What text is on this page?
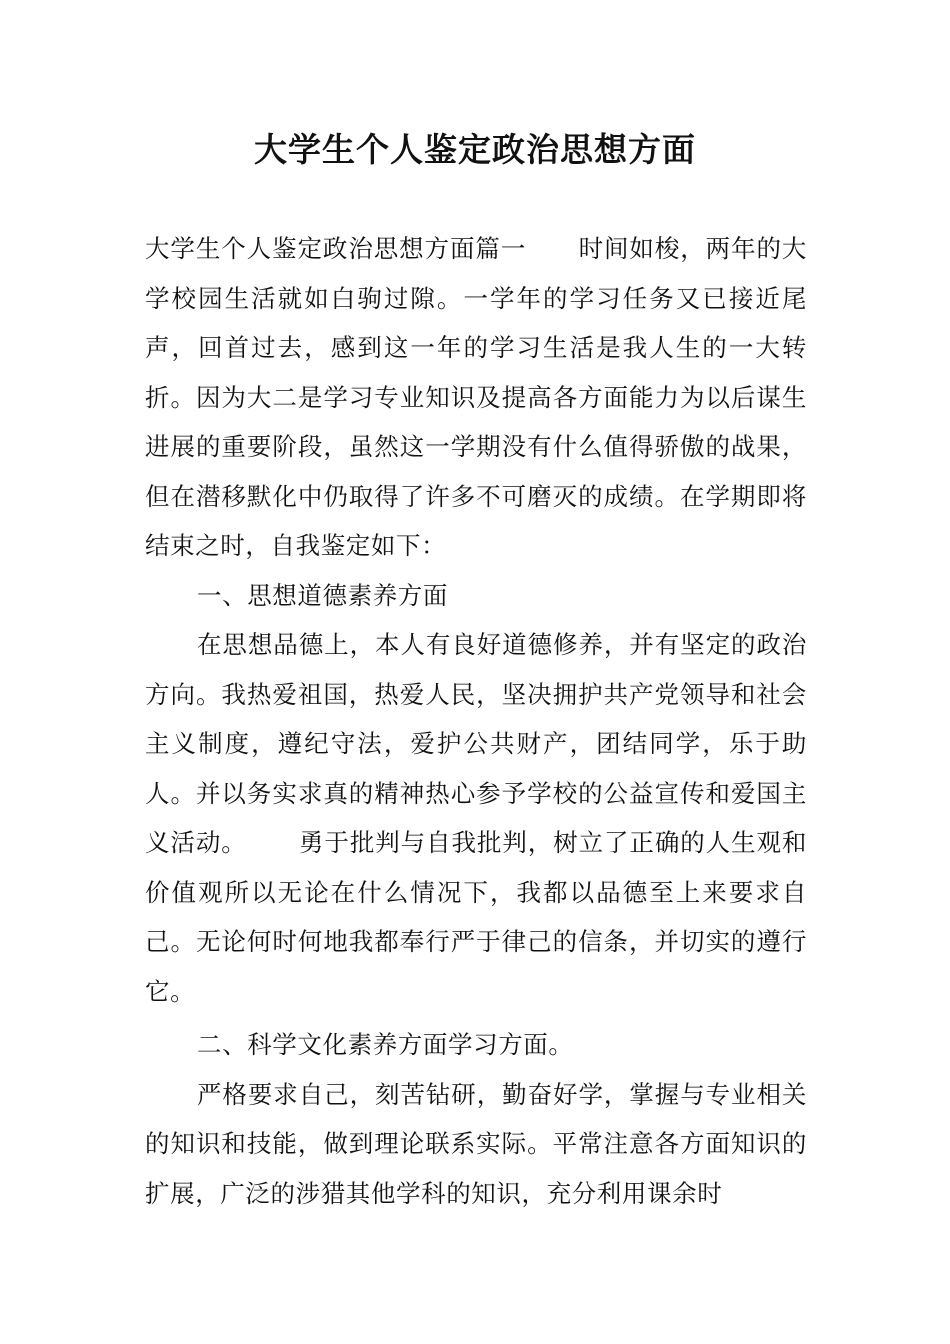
大学生个人鉴定政治思想方面

大学生个人鉴定政治思想方面篇一 时间如梭，两年的大学校园生活就如白驹过隙。一学年的学习任务又已接近尾声，回首过去，感到这一年的学习生活是我人生的一大转折。因为大二是学习专业知识及提高各方面能力为以后谋生进展的重要阶段，虽然这一学期没有什么值得骄傲的战果，但在潜移默化中仍取得了许多不可磨灭的成绩。在学期即将结束之时，自我鉴定如下：

一、思想道德素养方面

在思想品德上，本人有良好道德修养，并有坚定的政治方向。我热爱祖国，热爱人民，坚决拥护共产党领导和社会主义制度，遵纪守法，爱护公共财产，团结同学，乐于助人。并以务实求真的精神热心参予学校的公益宣传和爱国主义活动。 勇于批判与自我批判，树立了正确的人生观和价值观所以无论在什么情况下，我都以品德至上来要求自己。无论何时何地我都奉行严于律己的信条，并切实的遵行它。

二、科学文化素养方面学习方面。

严格要求自己，刻苦钻研，勤奋好学，掌握与专业相关的知识和技能，做到理论联系实际。平常注意各方面知识的扩展，广泛的涉猎其他学科的知识，充分利用课余时
